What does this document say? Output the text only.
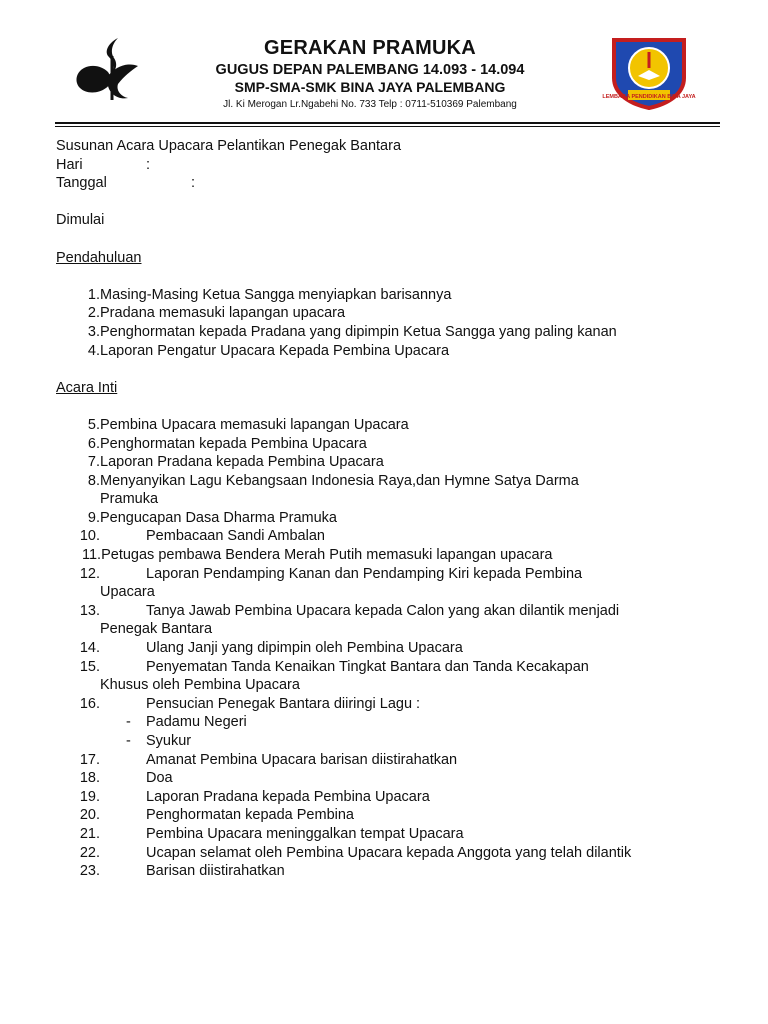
GERAKAN PRAMUKA
GUGUS DEPAN PALEMBANG 14.093 - 14.094
SMP-SMA-SMK BINA JAYA PALEMBANG
Jl. Ki Merogan Lr.Ngabehi No. 733 Telp : 0711-510369 Palembang
LEMBAGA PENDIDIKAN BINA JAYA
Susunan Acara Upacara Pelantikan Penegak Bantara
Hari	:
Tanggal	:
Dimulai
Pendahuluan
1. Masing-Masing Ketua Sangga menyiapkan barisannya
2. Pradana memasuki lapangan upacara
3. Penghormatan kepada Pradana yang dipimpin Ketua Sangga yang paling kanan
4. Laporan Pengatur Upacara Kepada Pembina Upacara
Acara Inti
5. Pembina Upacara memasuki lapangan Upacara
6. Penghormatan kepada Pembina Upacara
7. Laporan Pradana kepada Pembina Upacara
8. Menyanyikan Lagu Kebangsaan Indonesia Raya,dan Hymne Satya Darma
Pramuka
9. Pengucapan Dasa Dharma Pramuka
10.	Pembacaan Sandi Ambalan
11.Petugas pembawa Bendera Merah Putih memasuki lapangan upacara
12.	Laporan Pendamping Kanan dan Pendamping Kiri kepada Pembina
Upacara
13.	Tanya Jawab Pembina Upacara kepada Calon yang akan dilantik menjadi
Penegak Bantara
14.	Ulang Janji yang dipimpin oleh Pembina Upacara
15.	Penyematan Tanda Kenaikan Tingkat Bantara dan Tanda Kecakapan
Khusus oleh Pembina Upacara
16.	Pensucian Penegak Bantara diiringi Lagu :
- Padamu Negeri
- Syukur
17.	Amanat Pembina Upacara barisan diistirahatkan
18.	Doa
19.	Laporan Pradana kepada Pembina Upacara
20.	Penghormatan kepada Pembina
21.	Pembina Upacara meninggalkan tempat Upacara
22.	Ucapan selamat oleh Pembina Upacara kepada Anggota yang telah dilantik
23.	Barisan diistirahatkan
